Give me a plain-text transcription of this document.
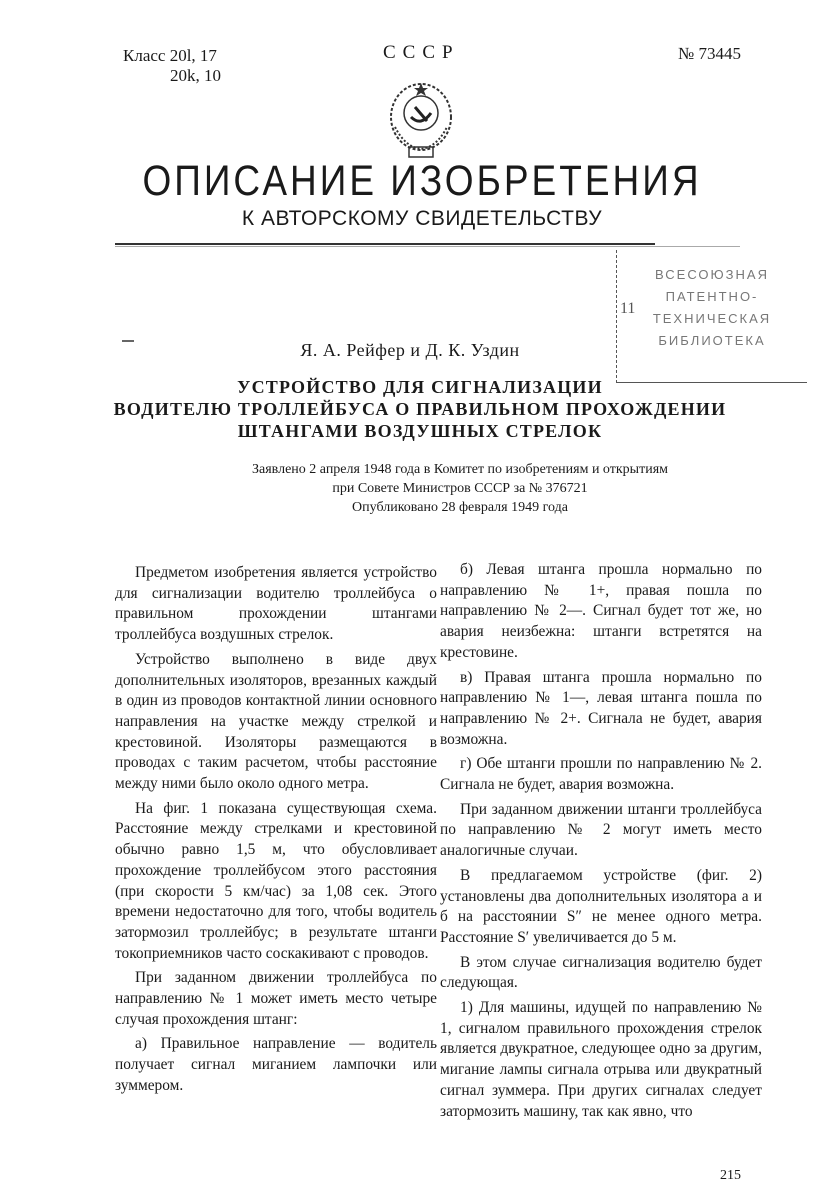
Класс 20l, 17
20k, 10
СССР	№ 73445
ОПИСАНИЕ ИЗОБРЕТЕНИЯ
К АВТОРСКОМУ СВИДЕТЕЛЬСТВУ
ВСЕСОЮЗНАЯ
ПАТЕНТНО-
ТЕХНИЧЕСКАЯ
БИБЛИОТЕКА
11
Я. А. Рейфер и Д. К. Уздин
УСТРОЙСТВО ДЛЯ СИГНАЛИЗАЦИИ
ВОДИТЕЛЮ ТРОЛЛЕЙБУСА О ПРАВИЛЬНОМ ПРОХОЖДЕНИИ
ШТАНГАМИ ВОЗДУШНЫХ СТРЕЛОК
Заявлено 2 апреля 1948 года в Комитет по изобретениям и открытиям
при Совете Министров СССР за № 376721
Опубликовано 28 февраля 1949 года

Предметом изобретения является устройство для сигнализации водителю троллейбуса о правильном прохождении штангами троллейбуса воздушных стрелок.

Устройство выполнено в виде двух дополнительных изоляторов, врезанных каждый в один из проводов контактной линии основного направления на участке между стрелкой и крестовиной. Изоляторы размещаются в проводах с таким расчетом, чтобы расстояние между ними было около одного метра.

На фиг. 1 показана существующая схема. Расстояние между стрелками и крестовиной обычно равно 1,5 м, что обусловливает прохождение троллейбусом этого расстояния (при скорости 5 км/час) за 1,08 сек. Этого времени недостаточно для того, чтобы водитель затормозил троллейбус; в результате штанги токоприемников часто соскакивают с проводов.

При заданном движении троллейбуса по направлению № 1 может иметь место четыре случая прохождения штанг:

а) Правильное направление — водитель получает сигнал миганием лампочки или зуммером.

б) Левая штанга прошла нормально по направлению № 1+, правая пошла по направлению № 2—. Сигнал будет тот же, но авария неизбежна: штанги встретятся на крестовине.

в) Правая штанга прошла нормально по направлению № 1—, левая штанга пошла по направлению № 2+. Сигнала не будет, авария возможна.

г) Обе штанги прошли по направлению № 2. Сигнала не будет, авария возможна.

При заданном движении штанги троллейбуса по направлению № 2 могут иметь место аналогичные случаи.

В предлагаемом устройстве (фиг. 2) установлены два дополнительных изолятора а и б на расстоянии S″ не менее одного метра. Расстояние S′ увеличивается до 5 м.

В этом случае сигнализация водителю будет следующая.

1) Для машины, идущей по направлению № 1, сигналом правильного прохождения стрелок является двукратное, следующее одно за другим, мигание лампы сигнала отрыва или двукратный сигнал зуммера. При других сигналах следует затормозить машину, так как явно, что

215
